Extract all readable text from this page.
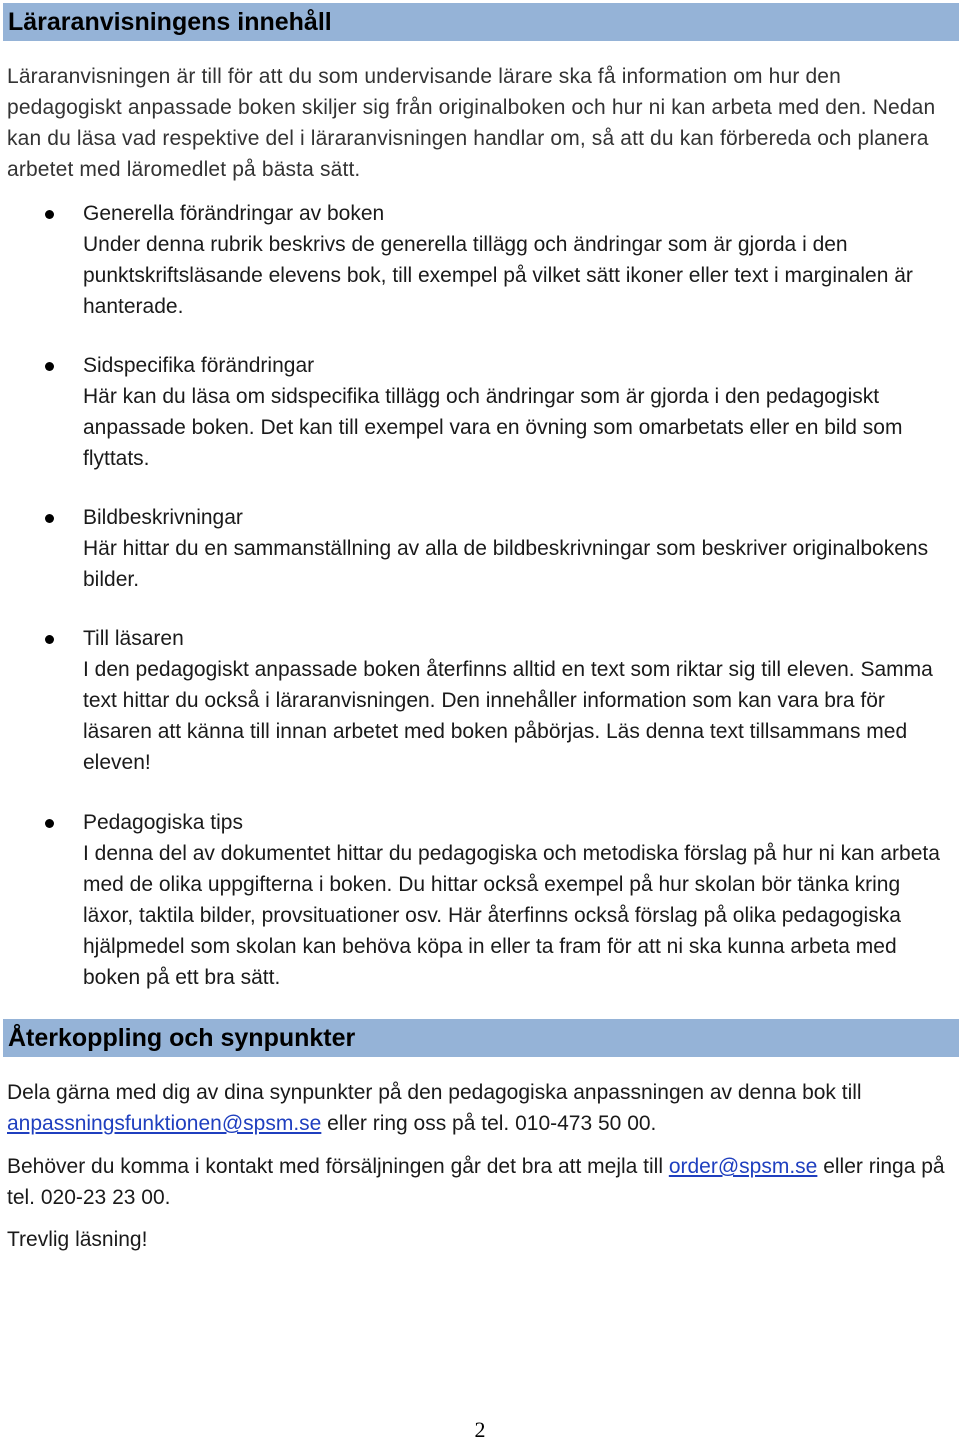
Läraranvisningens innehåll

Läraranvisningen är till för att du som undervisande lärare ska få information om hur den pedagogiskt anpassade boken skiljer sig från originalboken och hur ni kan arbeta med den. Nedan kan du läsa vad respektive del i läraranvisningen handlar om, så att du kan förbereda och planera arbetet med läromedlet på bästa sätt.

Generella förändringar av boken
Under denna rubrik beskrivs de generella tillägg och ändringar som är gjorda i den punktskriftsläsande elevens bok, till exempel på vilket sätt ikoner eller text i marginalen är hanterade.

Sidspecifika förändringar
Här kan du läsa om sidspecifika tillägg och ändringar som är gjorda i den pedagogiskt anpassade boken. Det kan till exempel vara en övning som omarbetats eller en bild som flyttats.

Bildbeskrivningar
Här hittar du en sammanställning av alla de bildbeskrivningar som beskriver originalbokens bilder.

Till läsaren
I den pedagogiskt anpassade boken återfinns alltid en text som riktar sig till eleven. Samma text hittar du också i läraranvisningen. Den innehåller information som kan vara bra för läsaren att känna till innan arbetet med boken påbörjas. Läs denna text tillsammans med eleven!

Pedagogiska tips
I denna del av dokumentet hittar du pedagogiska och metodiska förslag på hur ni kan arbeta med de olika uppgifterna i boken. Du hittar också exempel på hur skolan bör tänka kring läxor, taktila bilder, provsituationer osv. Här återfinns också förslag på olika pedagogiska hjälpmedel som skolan kan behöva köpa in eller ta fram för att ni ska kunna arbeta med boken på ett bra sätt.

Återkoppling och synpunkter

Dela gärna med dig av dina synpunkter på den pedagogiska anpassningen av denna bok till anpassningsfunktionen@spsm.se eller ring oss på tel. 010-473 50 00.

Behöver du komma i kontakt med försäljningen går det bra att mejla till order@spsm.se eller ringa på tel. 020-23 23 00.

Trevlig läsning!

2
